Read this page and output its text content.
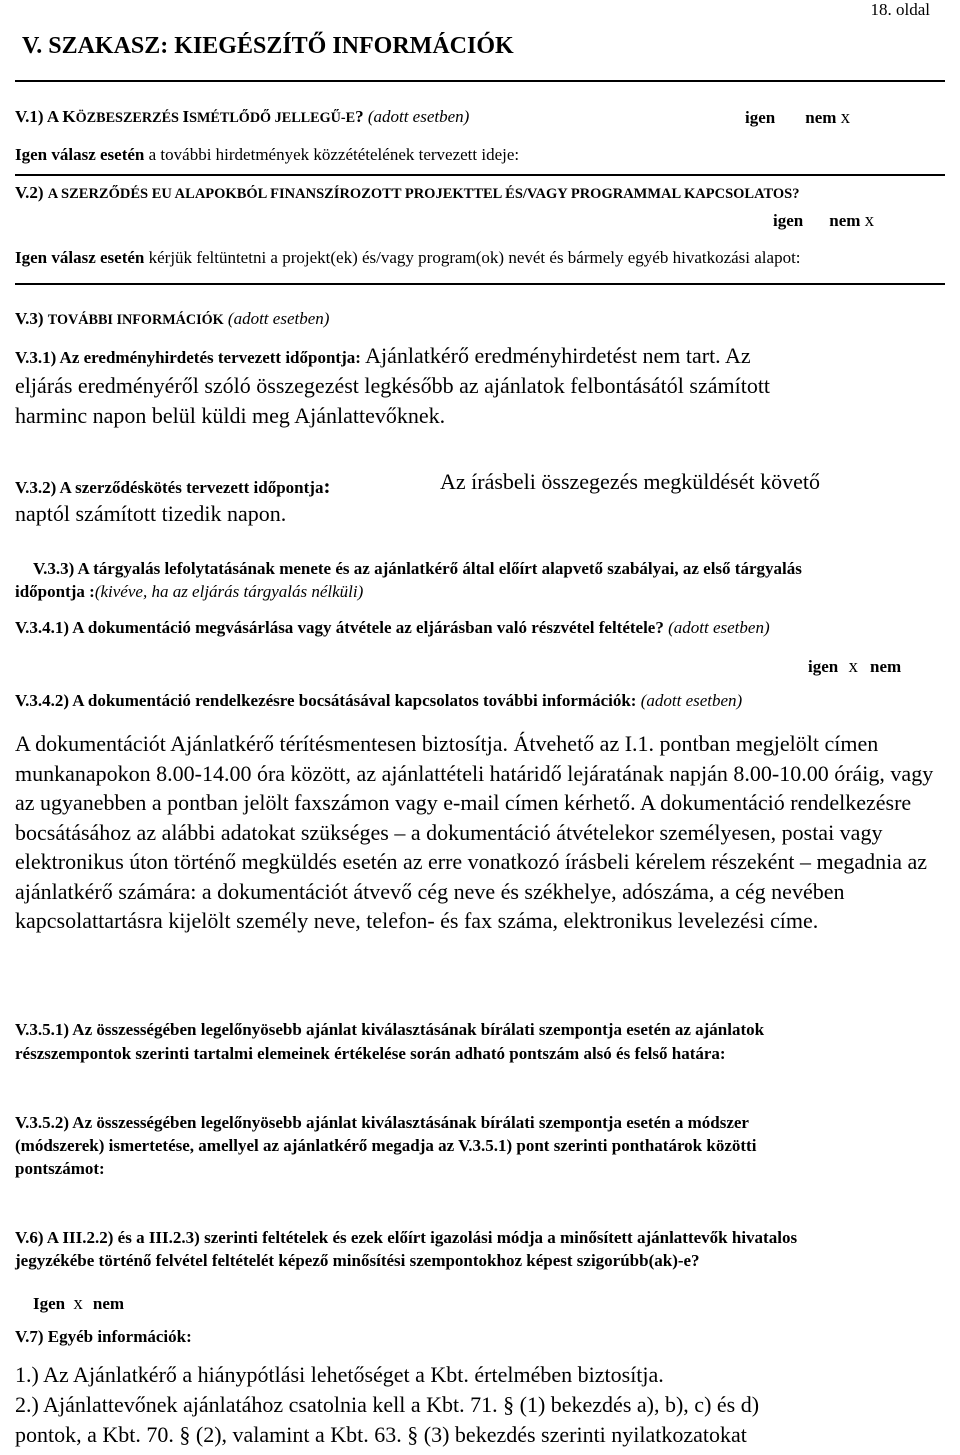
18. oldal
V. SZAKASZ: KIEGÉSZÍTŐ INFORMÁCIÓK
V.1) A KÖZBESZERZÉS ISMÉTLŐDŐ JELLEGŰ-E? (adott esetben)	igen nem x
Igen válasz esetén a további hirdetmények közzétételének tervezett ideje:
V.2) A SZERZŐDÉS EU ALAPOKBÓL FINANSZÍROZOTT PROJEKTTEL ÉS/VAGY PROGRAMMAL KAPCSOLATOS?
igen nem x
Igen válasz esetén kérjük feltüntetni a projekt(ek) és/vagy program(ok) nevét és bármely egyéb hivatkozási alapot:
V.3) TOVÁBBI INFORMÁCIÓK (adott esetben)
V.3.1) Az eredményhirdetés tervezett időpontja: Ajánlatkérő eredményhirdetést nem tart. Az
eljárás eredményéről szóló összegezést legkésőbb az ajánlatok felbontásától számított
harminc napon belül küldi meg Ajánlattevőknek.
V.3.2) A szerződéskötés tervezett időpontja:	Az írásbeli összegezés megküldését követő
naptól számított tizedik napon.
V.3.3) A tárgyalás lefolytatásának menete és az ajánlatkérő által előírt alapvető szabályai, az első tárgyalás
időpontja :(kivéve, ha az eljárás tárgyalás nélküli)
V.3.4.1) A dokumentáció megvásárlása vagy átvétele az eljárásban való részvétel feltétele? (adott esetben)
igen x nem
V.3.4.2) A dokumentáció rendelkezésre bocsátásával kapcsolatos további információk: (adott esetben)
A dokumentációt Ajánlatkérő térítésmentesen biztosítja. Átvehető az I.1. pontban megjelölt címen munkanapokon 8.00-14.00 óra között, az ajánlattételi határidő lejáratának napján 8.00-10.00 óráig, vagy az ugyanebben a pontban jelölt faxszámon vagy e-mail címen kérhető. A dokumentáció rendelkezésre bocsátásához az alábbi adatokat szükséges – a dokumentáció átvételekor személyesen, postai vagy elektronikus úton történő megküldés esetén az erre vonatkozó írásbeli kérelem részeként – megadnia az ajánlatkérő számára: a dokumentációt átvevő cég neve és székhelye, adószáma, a cég nevében kapcsolattartásra kijelölt személy neve, telefon- és fax száma, elektronikus levelezési címe.
V.3.5.1) Az összességében legelőnyösebb ajánlat kiválasztásának bírálati szempontja esetén az ajánlatok
részszempontok szerinti tartalmi elemeinek értékelése során adható pontszám alsó és felső határa:
V.3.5.2) Az összességében legelőnyösebb ajánlat kiválasztásának bírálati szempontja esetén a módszer
(módszerek) ismertetése, amellyel az ajánlatkérő megadja az V.3.5.1) pont szerinti ponthatárok közötti
pontszámot:
V.6) A III.2.2) és a III.2.3) szerinti feltételek és ezek előírt igazolási módja a minősített ajánlattevők hivatalos
jegyzékébe történő felvétel feltételét képező minősítési szempontokhoz képest szigorúbb(ak)-e?
Igen x nem
V.7) Egyéb információk:
1.) Az Ajánlatkérő a hiánypótlási lehetőséget a Kbt. értelmében biztosítja.
2.) Ajánlattevőnek ajánlatához csatolnia kell a Kbt. 71. § (1) bekezdés a), b), c) és d)
pontok, a Kbt. 70. § (2), valamint a Kbt. 63. § (3) bekezdés szerinti nyilatkozatokat
